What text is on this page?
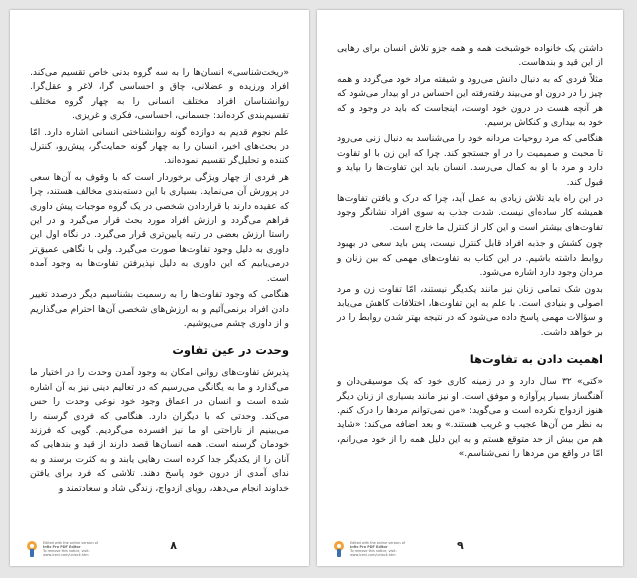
«ریخت‌شناسی» انسان‌ها را به سه گروه بدنی خاص تقسیم می‌کند. افراد ورزیده و عضلانی، چاق و احساسی گرا، لاغر و عقل‌گرا. روانشناسان افراد مختلف انسانی را به چهار گروه مختلف تقسیم‌بندی کرده‌اند: جسمانی، احساسی، فکری و غریزی.

علم نجوم قدیم به دوازده گونه روانشناختی انسانی اشاره دارد. امّا در بحث‌های اخیر، انسان را به چهار گونه حمایت‌گر، پیش‌رو، کنترل کننده و تحلیل‌گر تقسیم نموده‌اند.

هر فردی از چهار ویژگی برخوردار است که با وقوف به آن‌ها سعی در پرورش آن می‌نماید. بسیاری با این دسته‌بندی مخالف هستند، چرا که عقیده دارند با قراردادن شخصی در یک گروه موجبات پیش داوری فراهم می‌گردد و ارزش افراد مورد بحث قرار می‌گیرد و در این راستا ارزش بعضی در رتبه پایین‌تری قرار می‌گیرد. در نگاه اول این داوری به دلیل وجود تفاوت‌ها صورت می‌گیرد. ولی با نگاهی عمیق‌تر درمی‌یابیم که این داوری به دلیل نپذیرفتن تفاوت‌ها به وجود آمده است.

هنگامی که وجود تفاوت‌ها را به رسمیت بشناسیم دیگر درصدد تغییر دادن افراد برنمی‌آئیم و به ارزش‌های شخصی آن‌ها احترام می‌گذاریم و از داوری چشم می‌پوشیم.

وحدت در عین تفاوت

پذیرش تفاوت‌های روانی امکان به وجود آمدن وحدت را در اختیار ما می‌گذارد و ما به یگانگی می‌رسیم که در تعالیم دینی نیز به آن اشاره شده است و انسان در اعماق وجود خود نوعی وحدت را حس می‌کند. وحدتی که با دیگران دارد. هنگامی که فردی گرسنه را می‌بینیم از ناراحتی او ما نیز افسرده می‌گردیم. گویی که فرزند خودمان گرسنه است. همه انسان‌ها قصد دارند از قید و بندهایی که آنان را از یکدیگر جدا کرده است رهایی یابند و به کثرت برسند و به ندای آمدی از درون خود پاسخ دهند. تلاشی که فرد برای یافتن خداوند انجام می‌دهد، رویای ازدواج، زندگی شاد و سعادتمند و

Edited with the online version of
Infix Pro PDF Editor
To remove this notice, visit:
www.iceni.com/unlock.htm
۸

داشتن یک خانواده خوشبخت همه و همه جزو تلاش انسان برای رهایی از این قید و بندهاست.

مثلاً فردی که به دنبال دانش می‌رود و شیفته مراد خود می‌گردد و همه چیز را در درون او می‌بیند رفته‌رفته این احساس در او بیدار می‌شود که هر آنچه هست در درون خود اوست، اینجاست که باید در وجود و که خود به بیداری و کنکاش برسیم.

هنگامی که مرد روحیات مردانه خود را می‌شناسد به دنبال زنی می‌رود تا محبت و صمیمیت را در او جستجو کند. چرا که این زن با او تفاوت دارد و مرد با او به کمال می‌رسد. انسان باید این تفاوت‌ها را بپاید و قبول کند.

در این راه باید تلاش زیادی به عمل آید، چرا که درک و یافتن تفاوت‌ها همیشه کار ساده‌ای نیست. شدت جذب به سوی افراد نشانگر وجود تفاوت‌های بیشتر است و این کار از کنترل ما خارج است.

چون کشش و جذبه افراد قابل کنترل نیست، پس باید سعی در بهبود روابط داشته باشیم. در این کتاب به تفاوت‌های مهمی که بین زنان و مردان وجود دارد اشاره می‌شود.

بدون شک تمامی زنان نیز مانند یکدیگر نیستند، امّا تفاوت زن و مرد اصولی و بنیادی است. با علم به این تفاوت‌ها، اختلافات کاهش می‌یابد و سؤالات مهمی پاسخ داده می‌شود که در نتیجه بهتر شدن روابط را در بر خواهد داشت.

اهمیت دادن به تفاوت‌ها

«کتی» ۳۲ سال دارد و در زمینه کاری خود که یک موسیقی‌دان و آهنگساز بسیار پرآوازه و موفق است. او نیز مانند بسیاری از زنان دیگر هنوز ازدواج نکرده است و می‌گوید: «من نمی‌توانم مردها را درک کنم. به نظر من آن‌ها عجیب و غریب هستند.» و بعد اضافه می‌کند: «شاید هم من بیش از حد متوقع هستم و به این دلیل همه را از خود می‌رانم، امّا در واقع من مردها را نمی‌شناسم.»

Edited with the online version of
Infix Pro PDF Editor
To remove this notice, visit:
www.iceni.com/unlock.htm
۹
